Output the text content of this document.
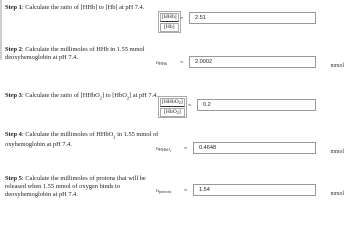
Step 1: Calculate the ratio of [HHb] to [Hb] at pH 7.4.
[HHb]
[Hb]
=	2.51
Step 2: Calculate the millimoles of HHb in 1.55 mmol
deoxyhemoglobin at pH 7.4.
$n_{HHb}$ =	2.0002
mmol
Step 3: Calculate the ratio of [HHbO$_2$] to [HbO$_2$] at pH 7.4.
[HHbO$_2$]
[HbO$_2$]
=	0.2
Step 4: Calculate the millimoles of HHbO$_2$ in 1.55 mmol of
oxyhemoglobin at pH 7.4.
$n_{HHbO_2}$ =	0.4648
mmol
Step 5: Calculate the millimoles of protons that will be
released when 1.55 mmol of oxygen binds to
deoxyhemoglobin at pH 7.4.	$n_{protons}$ =	1.54
mmol
